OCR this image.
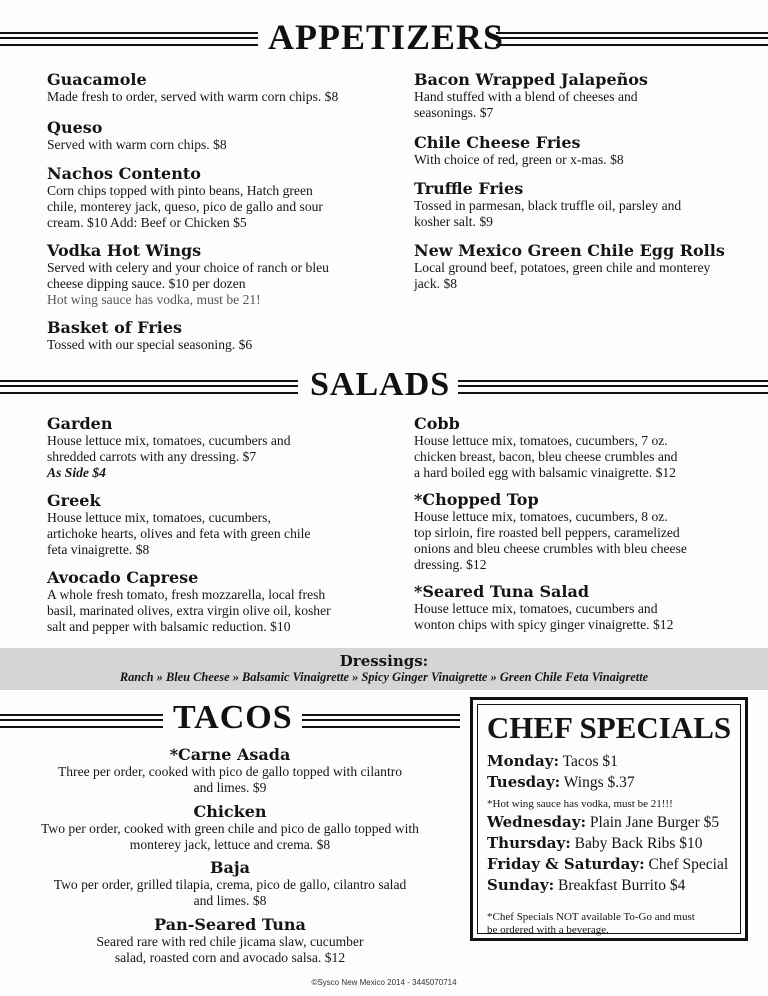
APPETIZERS
Guacamole
Made fresh to order, served with warm corn chips. $8
Queso
Served with warm corn chips. $8
Nachos Contento
Corn chips topped with pinto beans, Hatch green
chile, monterey jack, queso, pico de gallo and sour
cream. $10 Add: Beef or Chicken $5
Vodka Hot Wings
Served with celery and your choice of ranch or bleu
cheese dipping sauce. $10 per dozen
Hot wing sauce has vodka, must be 21!
Basket of Fries
Tossed with our special seasoning. $6
Bacon Wrapped Jalapeños
Hand stuffed with a blend of cheeses and
seasonings. $7
Chile Cheese Fries
With choice of red, green or x-mas. $8
Truffle Fries
Tossed in parmesan, black truffle oil, parsley and
kosher salt. $9
New Mexico Green Chile Egg Rolls
Local ground beef, potatoes, green chile and monterey
jack. $8
SALADS
Garden
House lettuce mix, tomatoes, cucumbers and
shredded carrots with any dressing. $7
As Side $4
Greek
House lettuce mix, tomatoes, cucumbers,
artichoke hearts, olives and feta with green chile
feta vinaigrette. $8
Avocado Caprese
A whole fresh tomato, fresh mozzarella, local fresh
basil, marinated olives, extra virgin olive oil, kosher
salt and pepper with balsamic reduction. $10
Cobb
House lettuce mix, tomatoes, cucumbers, 7 oz.
chicken breast, bacon, bleu cheese crumbles and
a hard boiled egg with balsamic vinaigrette. $12
*Chopped Top
House lettuce mix, tomatoes, cucumbers, 8 oz.
top sirloin, fire roasted bell peppers, caramelized
onions and bleu cheese crumbles with bleu cheese
dressing. $12
*Seared Tuna Salad
House lettuce mix, tomatoes, cucumbers and
wonton chips with spicy ginger vinaigrette. $12
Dressings:
Ranch » Bleu Cheese » Balsamic Vinaigrette » Spicy Ginger Vinaigrette » Green Chile Feta Vinaigrette
TACOS
*Carne Asada
Three per order, cooked with pico de gallo topped with cilantro
and limes. $9
Chicken
Two per order, cooked with green chile and pico de gallo topped with
monterey jack, lettuce and crema. $8
Baja
Two per order, grilled tilapia, crema, pico de gallo, cilantro salad
and limes. $8
Pan-Seared Tuna
Seared rare with red chile jicama slaw, cucumber
salad, roasted corn and avocado salsa. $12
CHEF SPECIALS
Monday: Tacos $1
Tuesday: Wings $.37
*Hot wing sauce has vodka, must be 21!!!
Wednesday: Plain Jane Burger $5
Thursday: Baby Back Ribs $10
Friday & Saturday: Chef Special
Sunday: Breakfast Burrito $4
*Chef Specials NOT available To-Go and must
be ordered with a beverage.
©Sysco New Mexico 2014 - 3445070714
